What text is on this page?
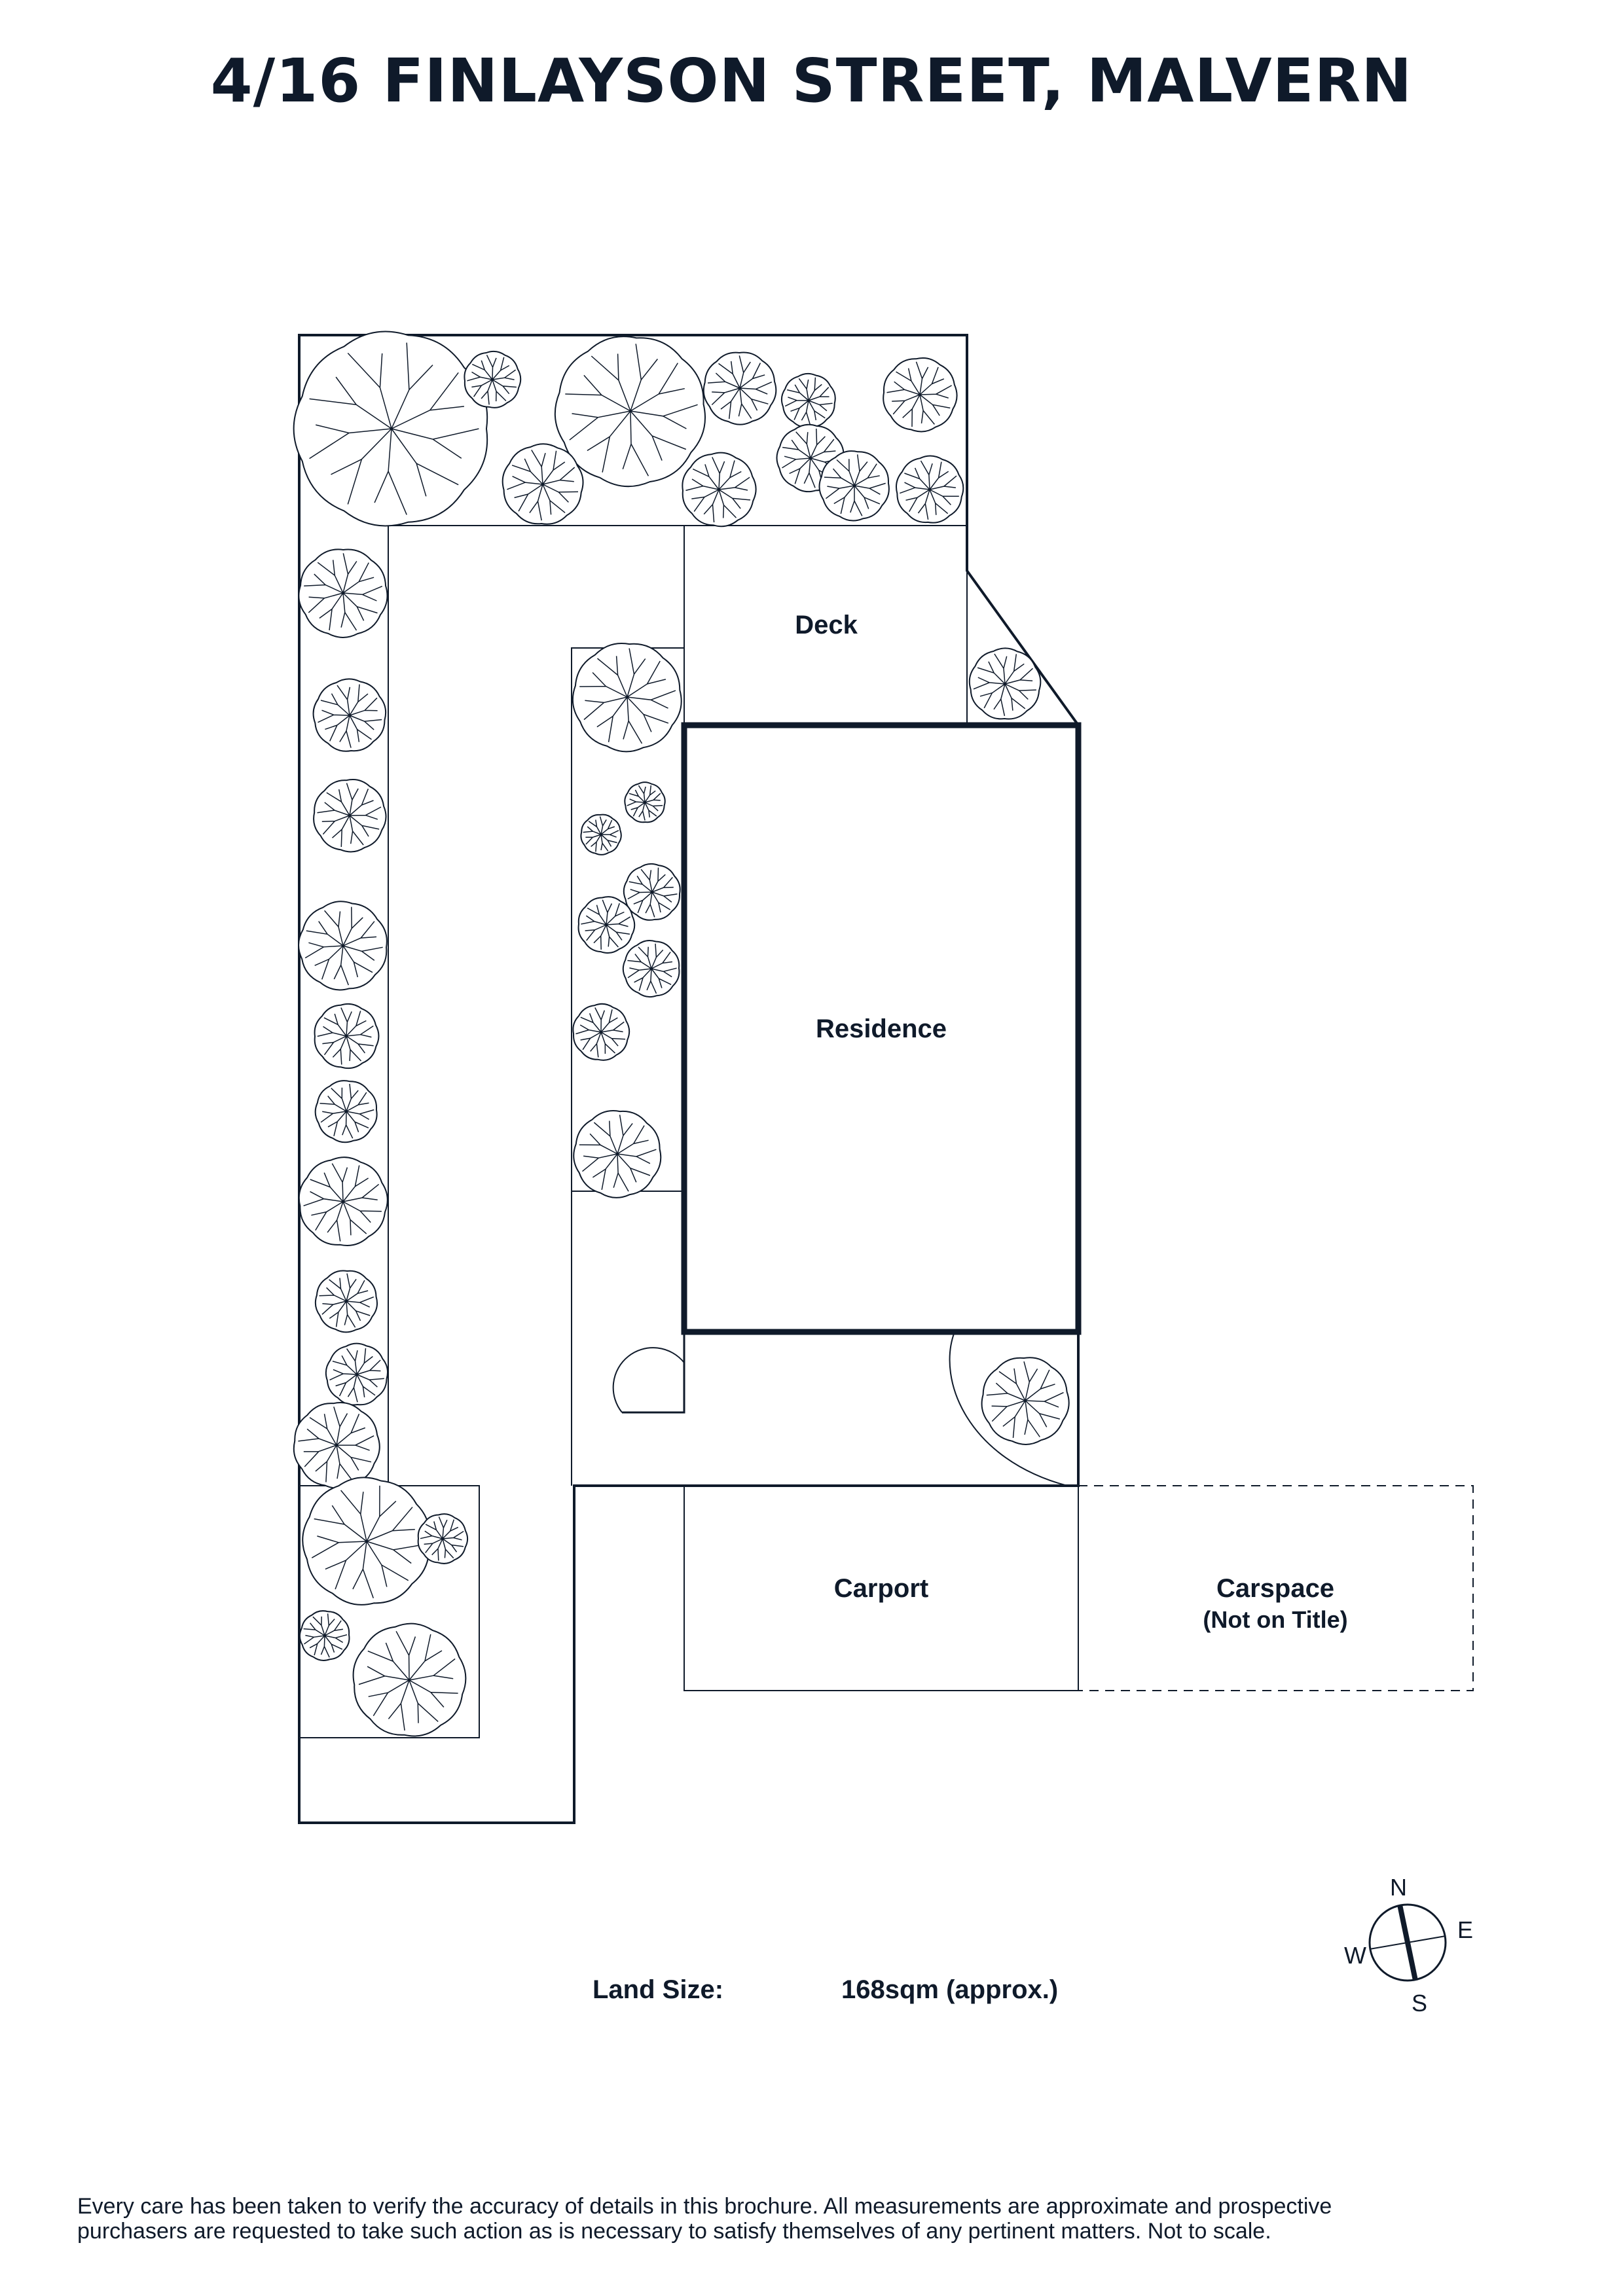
4/16 FINLAYSON STREET, MALVERN
Deck
Residence
Carport	Carspace
(Not on Title)
N
S
E
W
Land Size:	168sqm (approx.)
Every care has been taken to verify the accuracy of details in this brochure. All measurements are approximate and prospective
purchasers are requested to take such action as is necessary to satisfy themselves of any pertinent matters. Not to scale.
